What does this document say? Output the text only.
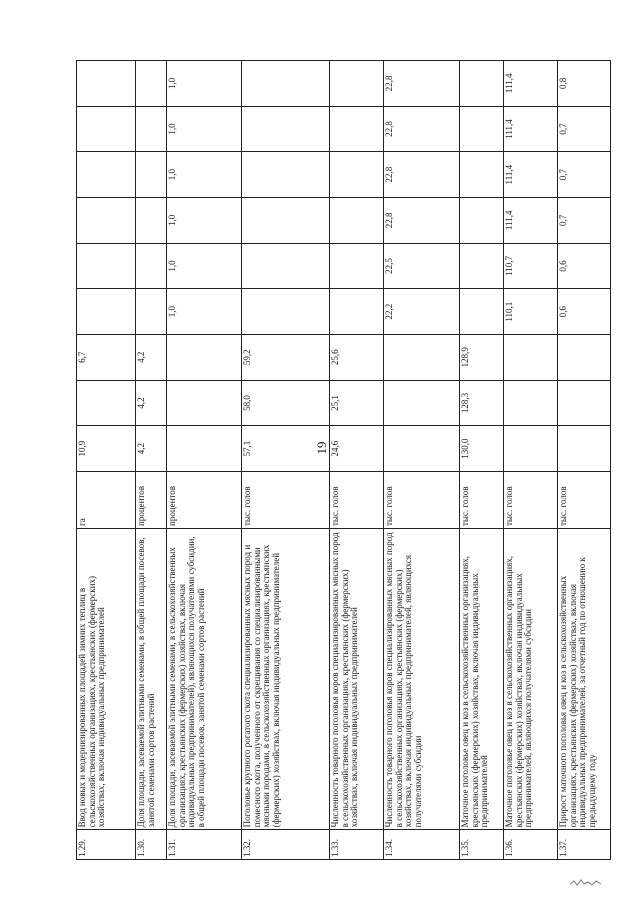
19
1.29.	Ввод новых и модернизированных площадей зимних теплиц в сельскохозяйственных организациях, крестьянских (фермерских) хозяйствах, включая индивидуальных предпринимателей	га	10,9		6,7						
1.30.	Доля площади, засеваемой элитными семенами, в общей площади посевов, занятой семенами сортов растений	процентов	4,2	4,2	4,2						
1.31.	Доля площади, засеваемой элитными семенами, в сельскохозяйственных организациях, крестьянских (фермерских) хозяйствах, включая индивидуальных предпринимателей), являющихся получателями субсидии, в общей площади посевов, занятой семенами сортов растений	процентов				1,0	1,0	1,0	1,0	1,0	1,0
1.32.	Поголовье крупного рогатого скота специализированных мясных пород и помесного скота, полученного от скрещивания со специализированными мясными породами, в сельскохозяйственных организациях, крестьянских (фермерских) хозяйствах, включая индивидуальных предпринимателей	тыс. голов	57,1	58,0	59,2						
1.33.	Численность товарного поголовья коров специализированных мясных пород в сельскохозяйственных организациях, крестьянских (фермерских) хозяйствах, включая индивидуальных предпринимателей	тыс. голов	24,6	25,1	25,6						
1.34.	Численность товарного поголовья коров специализированных мясных пород в сельскохозяйственных организациях, крестьянских (фермерских) хозяйствах, включая индивидуальных предпринимателей, являющихся получателями субсидии	тыс. голов				22,2	22,5	22,8	22,8	22,8	22,8
1.35.	Маточное поголовье овец и коз в сельскохозяйственных организациях, крестьянских (фермерских) хозяйствах, включая индивидуальных предпринимателей	тыс. голов	130,0	128,3	128,9						
1.36.	Маточное поголовье овец и коз в сельскохозяйственных организациях, крестьянских (фермерских) хозяйствах, включая индивидуальных предпринимателей, являющихся получателями субсидии	тыс. голов				110,1	110,7	111,4	111,4	111,4	111,4
1.37.	Прирост маточного поголовья овец и коз в сельскохозяйственных организациях, крестьянских (фермерских) хозяйствах, включая индивидуальных предпринимателей, за отчетный год по отношению к предыдущему году	тыс. голов				0,6	0,6	0,7	0,7	0,7	0,8
